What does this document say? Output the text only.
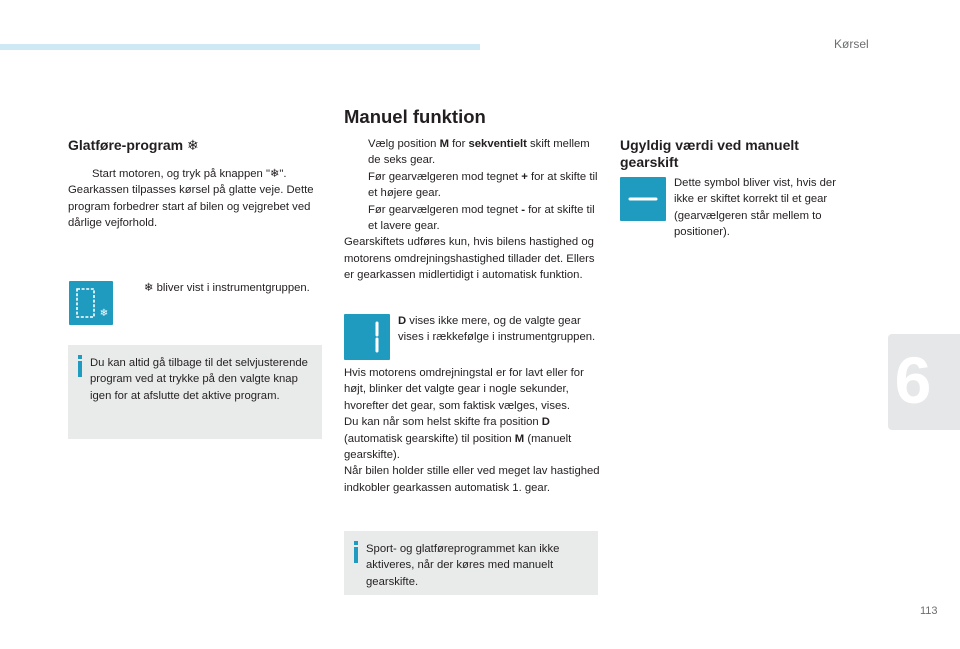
Kørsel
6
113
Manuel funktion
Glatføre-program ❄
Start motoren, og tryk på knappen "❄".

Gearkassen tilpasses kørsel på glatte veje. Dette program forbedrer start af bilen og vejgrebet ved dårlige vejforhold.

❄
❄ bliver vist i instrumentgruppen.

Du kan altid gå tilbage til det selvjusterende program ved at trykke på den valgte knap igen for at afslutte det aktive program.

Vælg position M for sekventielt skift mellem de seks gear.
Før gearvælgeren mod tegnet + for at skifte til et højere gear.
Før gearvælgeren mod tegnet - for at skifte til et lavere gear.

Gearskiftets udføres kun, hvis bilens hastighed og motorens omdrejningshastighed tillader det. Ellers er gearkassen midlertidigt i automatisk funktion.

D vises ikke mere, og de valgte gear vises i rækkefølge i instrumentgruppen.

Hvis motorens omdrejningstal er for lavt eller for højt, blinker det valgte gear i nogle sekunder, hvorefter det gear, som faktisk vælges, vises.

Du kan når som helst skifte fra position D (automatisk gearskifte) til position M (manuelt gearskifte).

Når bilen holder stille eller ved meget lav hastighed indkobler gearkassen automatisk 1. gear.

Sport- og glatføreprogrammet kan ikke aktiveres, når der køres med manuelt gearskifte.

Ugyldig værdi ved manuelt gearskift
Dette symbol bliver vist, hvis der ikke er skiftet korrekt til et gear (gearvælgeren står mellem to positioner).
